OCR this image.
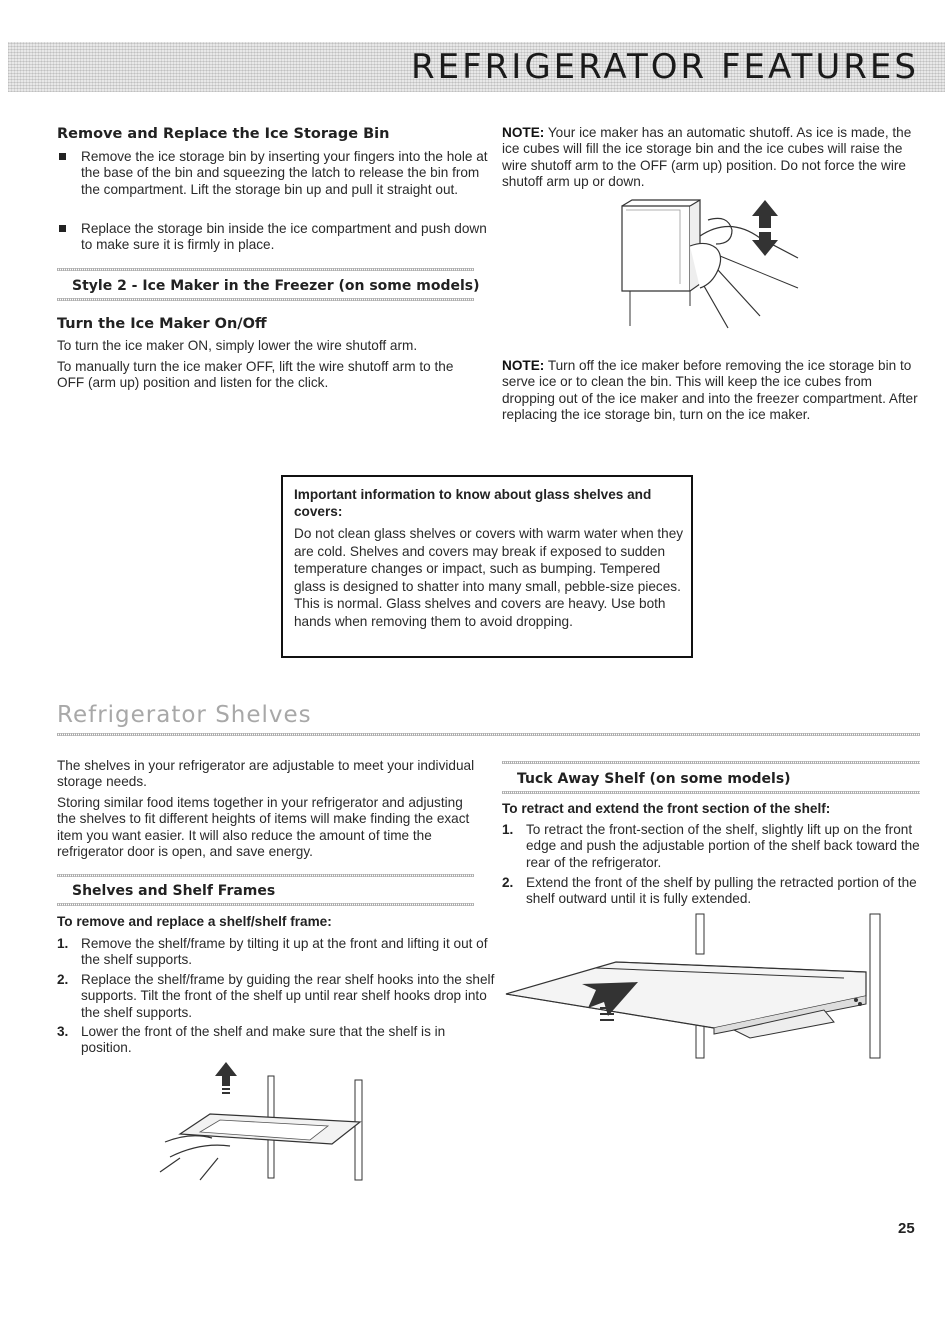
REFRIGERATOR FEATURES
Remove and Replace the Ice Storage Bin

Remove the ice storage bin by inserting your fingers into the hole at the base of the bin and squeezing the latch to release the bin from the compartment. Lift the storage bin up and pull it straight out.

Replace the storage bin inside the ice compartment and push down to make sure it is firmly in place.

Style 2 - Ice Maker in the Freezer (on some models)
Turn the Ice Maker On/Off

To turn the ice maker ON, simply lower the wire shutoff arm.

To manually turn the ice maker OFF, lift the wire shutoff arm to the OFF (arm up) position and listen for the click.

NOTE: Your ice maker has an automatic shutoff. As ice is made, the ice cubes will fill the ice storage bin and the ice cubes will raise the wire shutoff arm to the OFF (arm up) position. Do not force the wire shutoff arm up or down.

NOTE: Turn off the ice maker before removing the ice storage bin to serve ice or to clean the bin. This will keep the ice cubes from dropping out of the ice maker and into the freezer compartment. After replacing the ice storage bin, turn on the ice maker.

Important information to know about glass shelves and covers:

Do not clean glass shelves or covers with warm water when they are cold. Shelves and covers may break if exposed to sudden temperature changes or impact, such as bumping. Tempered glass is designed to shatter into many small, pebble-size pieces. This is normal. Glass shelves and covers are heavy. Use both hands when removing them to avoid dropping.

Refrigerator Shelves

The shelves in your refrigerator are adjustable to meet your individual storage needs.

Storing similar food items together in your refrigerator and adjusting the shelves to fit different heights of items will make finding the exact item you want easier. It will also reduce the amount of time the refrigerator door is open, and save energy.

Shelves and Shelf Frames

To remove and replace a shelf/shelf frame:

1. Remove the shelf/frame by tilting it up at the front and lifting it out of the shelf supports.

2. Replace the shelf/frame by guiding the rear shelf hooks into the shelf supports. Tilt the front of the shelf up until rear shelf hooks drop into the shelf supports.

3. Lower the front of the shelf and make sure that the shelf is in position.

Tuck Away Shelf (on some models)

To retract and extend the front section of the shelf:

1. To retract the front-section of the shelf, slightly lift up on the front edge and push the adjustable portion of the shelf back toward the rear of the refrigerator.

2. Extend the front of the shelf by pulling the retracted portion of the shelf outward until it is fully extended.

25
